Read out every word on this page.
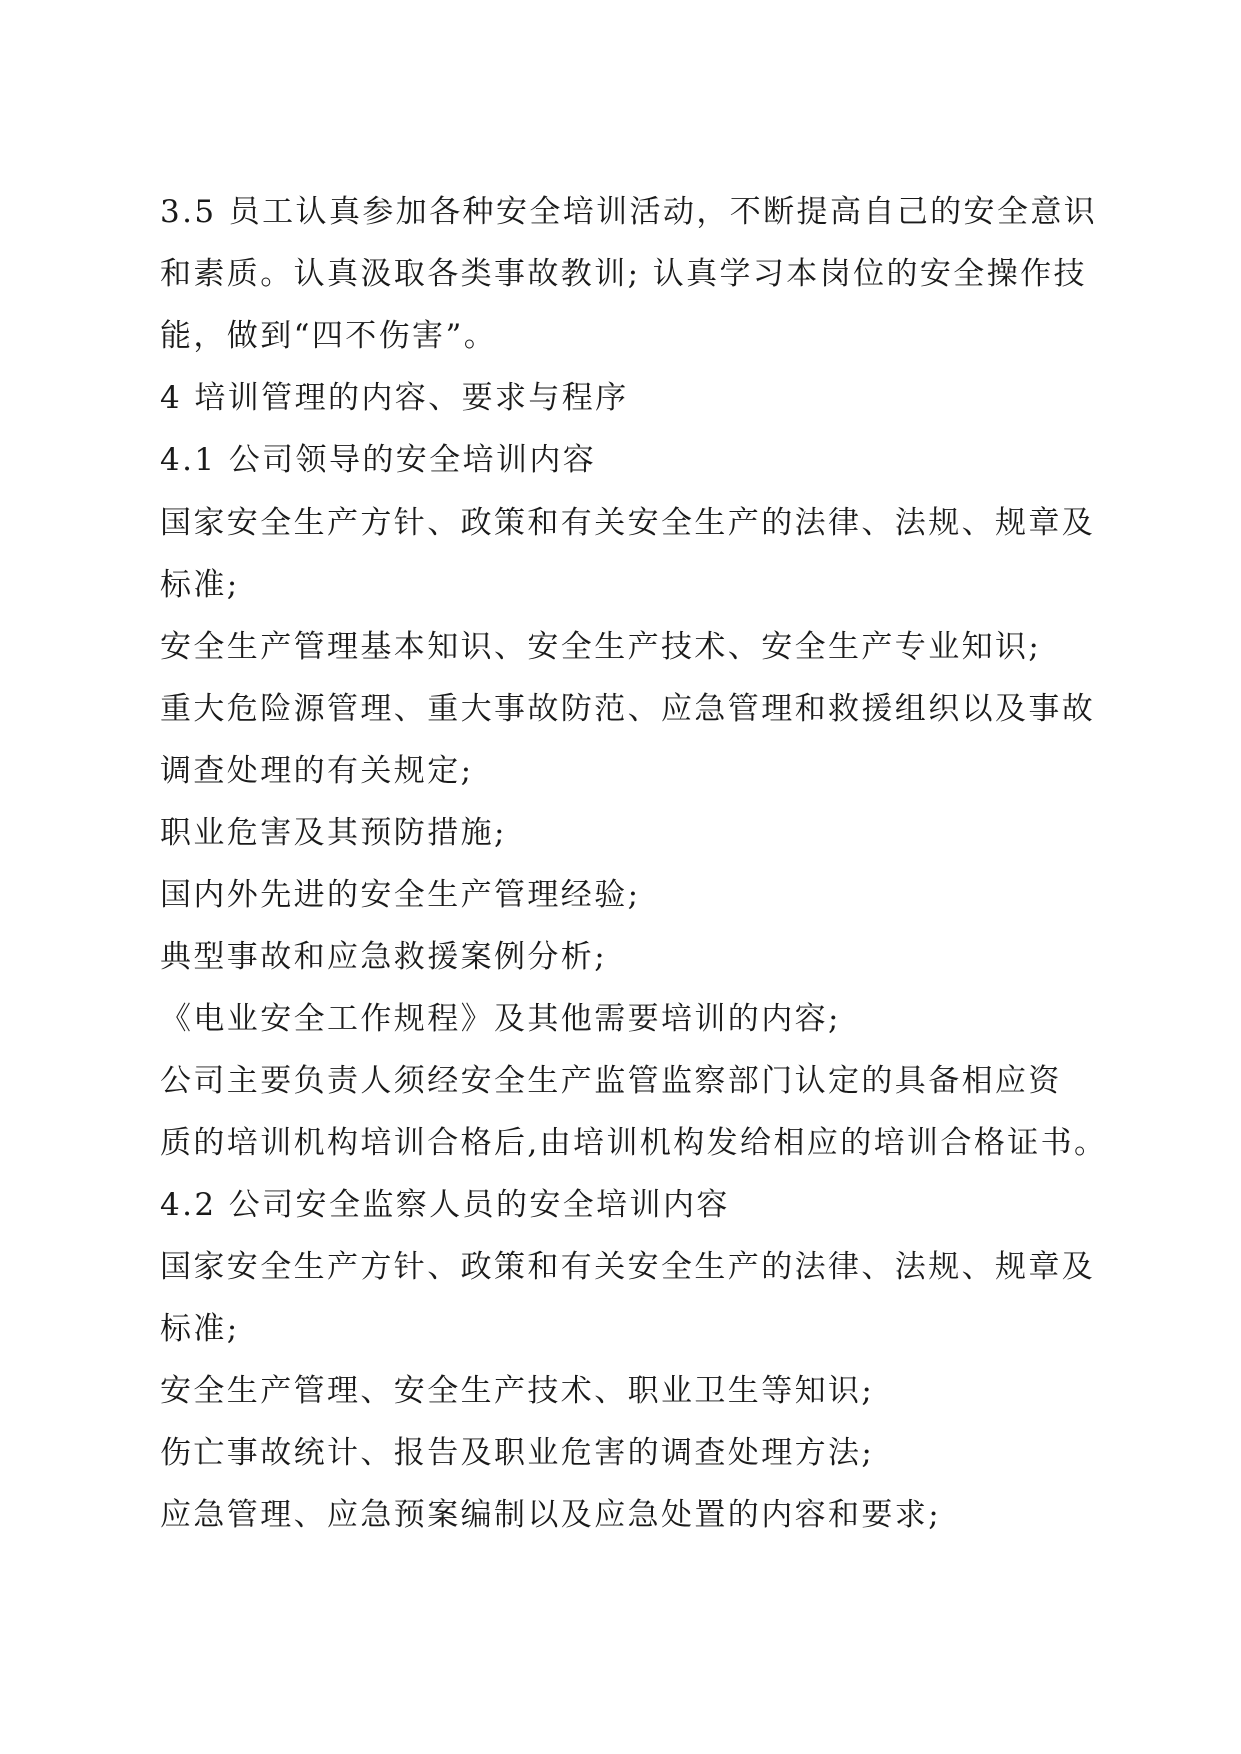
3.5 员工认真参加各种安全培训活动，不断提高自己的安全意识
和素质。认真汲取各类事故教训; 认真学习本岗位的安全操作技
能，做到“四不伤害”。
4 培训管理的内容、要求与程序
4.1 公司领导的安全培训内容
国家安全生产方针、政策和有关安全生产的法律、法规、规章及
标准;
安全生产管理基本知识、安全生产技术、安全生产专业知识;
重大危险源管理、重大事故防范、应急管理和救援组织以及事故
调查处理的有关规定;
职业危害及其预防措施;
国内外先进的安全生产管理经验;
典型事故和应急救援案例分析;
《电业安全工作规程》及其他需要培训的内容;
公司主要负责人须经安全生产监管监察部门认定的具备相应资
质的培训机构培训合格后,由培训机构发给相应的培训合格证书。
4.2 公司安全监察人员的安全培训内容
国家安全生产方针、政策和有关安全生产的法律、法规、规章及
标准;
安全生产管理、安全生产技术、职业卫生等知识;
伤亡事故统计、报告及职业危害的调查处理方法;
应急管理、应急预案编制以及应急处置的内容和要求;
